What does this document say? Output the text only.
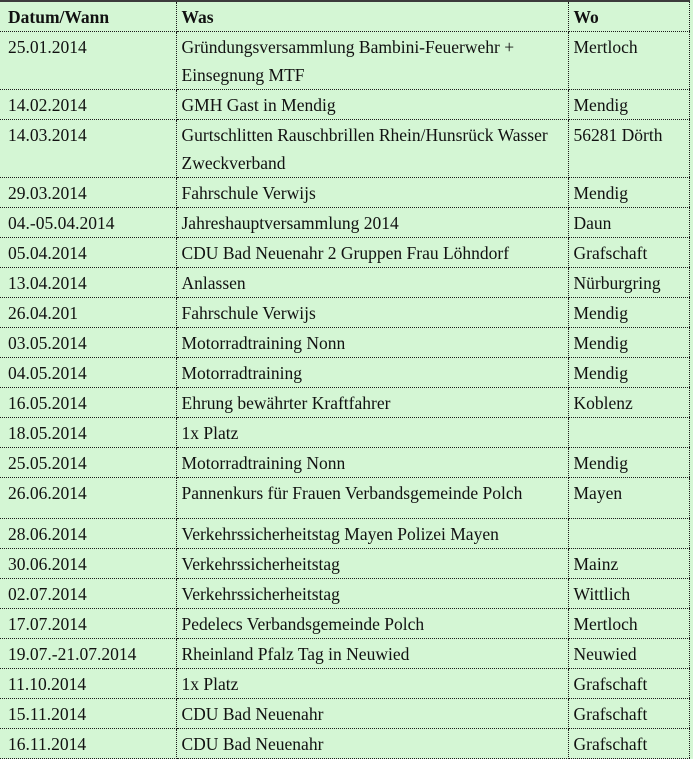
Datum/Wann	Was	Wo
25.01.2014	Gründungsversammlung Bambini-Feuerwehr + Einsegnung MTF	Mertloch
14.02.2014	GMH Gast in Mendig	Mendig
14.03.2014	Gurtschlitten Rauschbrillen Rhein/Hunsrück Wasser Zweckverband	56281 Dörth
29.03.2014	Fahrschule Verwijs	Mendig
04.-05.04.2014	Jahreshauptversammlung 2014	Daun
05.04.2014	CDU Bad Neuenahr 2 Gruppen Frau Löhndorf	Grafschaft
13.04.2014	Anlassen	Nürburgring
26.04.201	Fahrschule Verwijs	Mendig
03.05.2014	Motorradtraining Nonn	Mendig
04.05.2014	Motorradtraining	Mendig
16.05.2014	Ehrung bewährter Kraftfahrer	Koblenz
18.05.2014	1x Platz	
25.05.2014	Motorradtraining Nonn	Mendig
26.06.2014	Pannenkurs für Frauen Verbandsgemeinde Polch	Mayen
28.06.2014	Verkehrssicherheitstag Mayen Polizei Mayen	
30.06.2014	Verkehrssicherheitstag	Mainz
02.07.2014	Verkehrssicherheitstag	Wittlich
17.07.2014	Pedelecs Verbandsgemeinde Polch	Mertloch
19.07.-21.07.2014	Rheinland Pfalz Tag in Neuwied	Neuwied
11.10.2014	1x Platz	Grafschaft
15.11.2014	CDU Bad Neuenahr	Grafschaft
16.11.2014	CDU Bad Neuenahr	Grafschaft
